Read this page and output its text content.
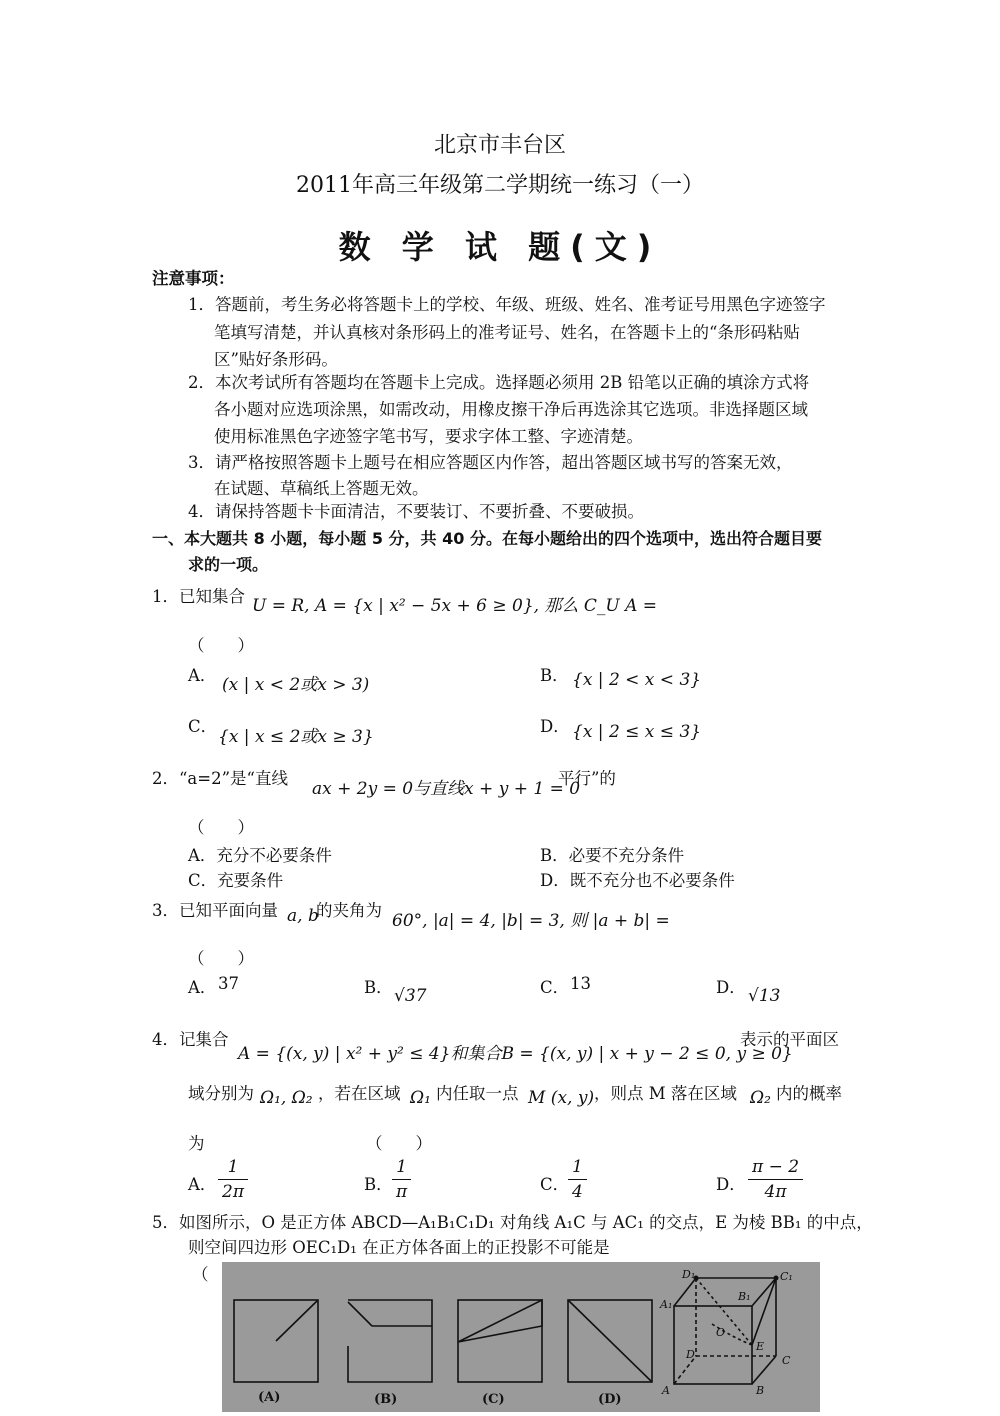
北京市丰台区
2011年高三年级第二学期统一练习（一）
数 学 试 题(文)
注意事项：
1．答题前，考生务必将答题卡上的学校、年级、班级、姓名、准考证号用黑色字迹签字
笔填写清楚，并认真核对条形码上的准考证号、姓名，在答题卡上的“条形码粘贴
区”贴好条形码。
2．本次考试所有答题均在答题卡上完成。选择题必须用 2B 铅笔以正确的填涂方式将
各小题对应选项涂黑，如需改动，用橡皮擦干净后再选涂其它选项。非选择题区域
使用标准黑色字迹签字笔书写，要求字体工整、字迹清楚。
3．请严格按照答题卡上题号在相应答题区内作答，超出答题区域书写的答案无效，
在试题、草稿纸上答题无效。
4．请保持答题卡卡面清洁，不要装订、不要折叠、不要破损。
一、本大题共 8 小题，每小题 5 分，共 40 分。在每小题给出的四个选项中，选出符合题目要
求的一项。
1．已知集合 U = R, A = {x | x² − 5x + 6 ≥ 0}, 那么 C_U A =
（　　）
A． (x | x < 2或x > 3)	B． {x | 2 < x < 3}
C．
{x | x ≤ 2或x ≥ 3}
D． {x | 2 ≤ x ≤ 3}
2．“a=2”是“直线
ax + 2y = 0与直线x + y + 1 = 0
平行”的
（　　）
A．充分不必要条件	B．必要不充分条件
C．充要条件	D．既不充分也不必要条件
3．已知平面向量 a, b
的夹角为
60°, |a| = 4, |b| = 3, 则 |a + b| =
（　　）
A． 37	B． √37	C． 13	D． √13
4．记集合
A = {(x, y) | x² + y² ≤ 4}和集合B = {(x, y) | x + y − 2 ≤ 0, y ≥ 0}
表示的平面区
域分别为 Ω₁, Ω₂ ，若在区域 Ω₁ 内任取一点 M (x, y) ，则点 M 落在区域 Ω₂ 内的概率
为	（　　）
A． $\frac{1}{2\pi}$	B． $\frac{1}{\pi}$	C．
$\frac{1}{4}$	D． $\frac{\pi - 2}{4\pi}$
5．如图所示，O 是正方体 ABCD—A₁B₁C₁D₁ 对角线 A₁C 与 AC₁ 的交点，E 为棱 BB₁ 的中点，
则空间四边形 OEC₁D₁ 在正方体各面上的正投影不可能是
（
(A)	(B)	(C)	(D)
D₁	C₁
A₁
B₁
O
E
D	C
A	B
